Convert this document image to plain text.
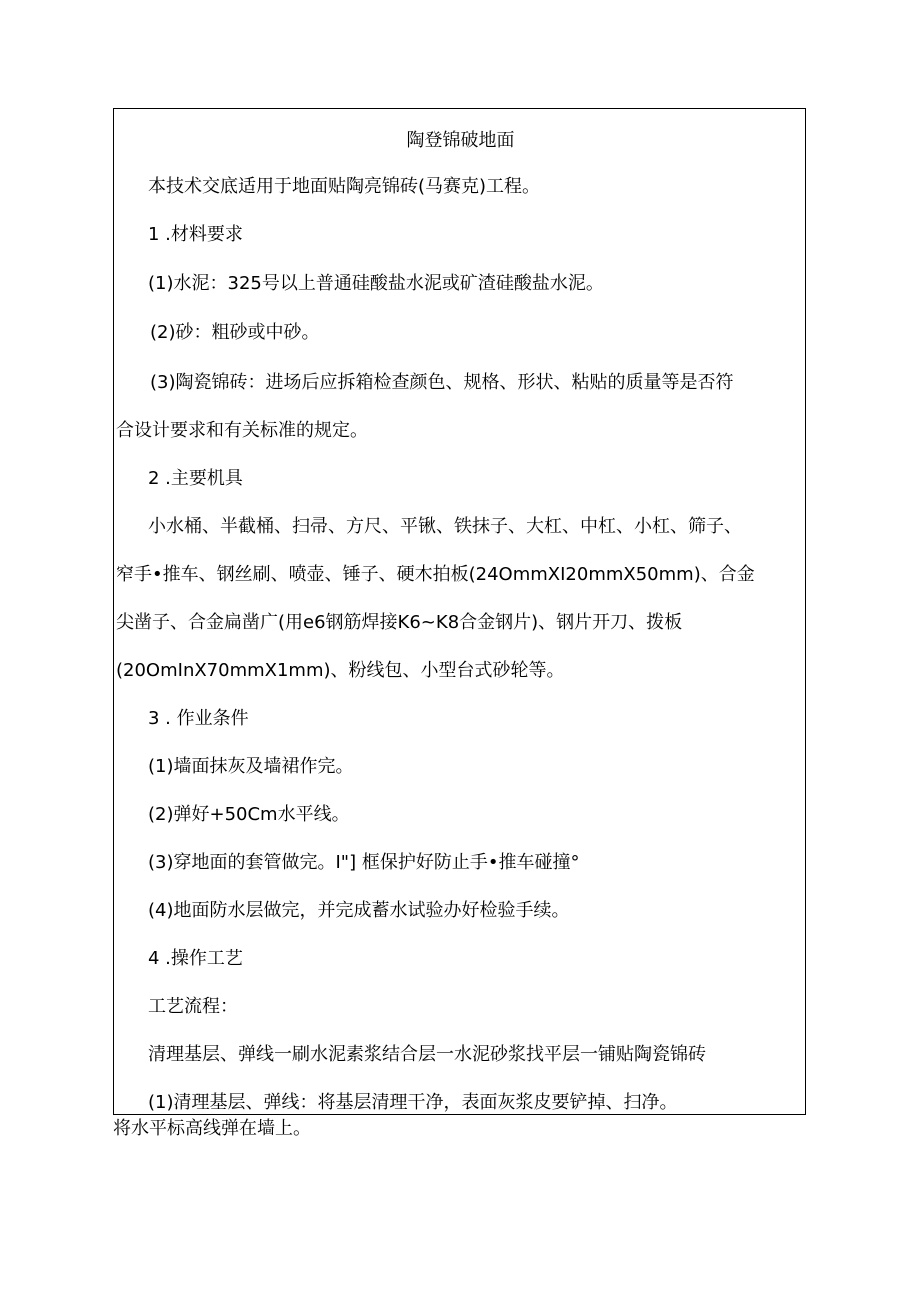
陶登锦破地面
本技术交底适用于地面贴陶亮锦砖(马赛克)工程。
1 .材料要求
(1)水泥：325号以上普通硅酸盐水泥或矿渣硅酸盐水泥。
(2)砂：粗砂或中砂。
(3)陶瓷锦砖：进场后应拆箱检查颜色、规格、形状、粘贴的质量等是否符
合设计要求和有关标准的规定。
2 .主要机具
小水桶、半截桶、扫帚、方尺、平锹、铁抹子、大杠、中杠、小杠、筛子、
窄手•推车、钢丝刷、喷壶、锤子、硬木拍板(24OmmXI20mmX50mm)、合金
尖凿子、合金扁凿广(用e6钢筋焊接K6~K8合金钢片)、钢片开刀、拨板
(20OmInX70mmX1mm)、粉线包、小型台式砂轮等。
3 . 作业条件
(1)墙面抹灰及墙裙作完。
(2)弹好+50Cm水平线。
(3)穿地面的套管做完。I"] 框保护好防止手•推车碰撞°
(4)地面防水层做完，并完成蓄水试验办好检验手续。
4 .操作工艺
工艺流程：
清理基层、弹线一刷水泥素浆结合层一水泥砂浆找平层一铺贴陶瓷锦砖
(1)清理基层、弹线：将基层清理干净，表面灰浆皮要铲掉、扫净。
将水平标高线弹在墙上。
